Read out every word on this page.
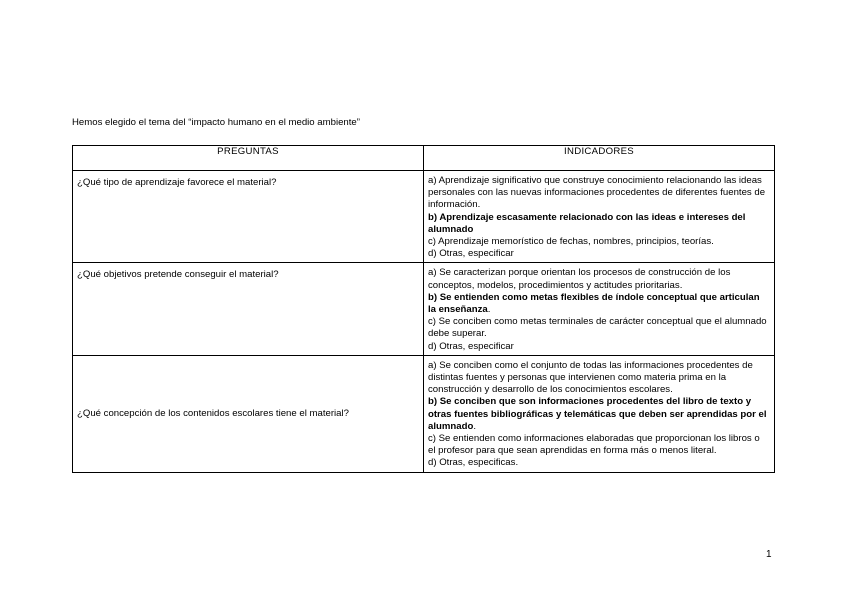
Hemos elegido el tema del “impacto humano en el medio ambiente”
PREGUNTAS	INDICADORES
¿Qué tipo de aprendizaje favorece el material?	a) Aprendizaje significativo que construye conocimiento relacionando las ideas personales con las nuevas informaciones procedentes de diferentes fuentes de información.

b) Aprendizaje escasamente relacionado con las ideas e intereses del alumnado

c) Aprendizaje memorístico de fechas, nombres, principios, teorías.

d) Otras, especificar

¿Qué objetivos pretende conseguir el material?	a) Se caracterizan porque orientan los procesos de construcción de los conceptos, modelos, procedimientos y actitudes prioritarias.

b) Se entienden como metas flexibles de índole conceptual que articulan la enseñanza.

c) Se conciben como metas terminales de carácter conceptual que el alumnado debe superar.

d) Otras, especificar

¿Qué concepción de los contenidos escolares tiene el material?	a) Se conciben como el conjunto de todas las informaciones procedentes de distintas fuentes y personas que intervienen como materia prima en la construcción y desarrollo de los conocimientos escolares.

b) Se conciben que son informaciones procedentes del libro de texto y otras fuentes bibliográficas y telemáticas que deben ser aprendidas por el alumnado.

c) Se entienden como informaciones elaboradas que proporcionan los libros o el profesor para que sean aprendidas en forma más o menos literal.

d) Otras, especificas.

1
